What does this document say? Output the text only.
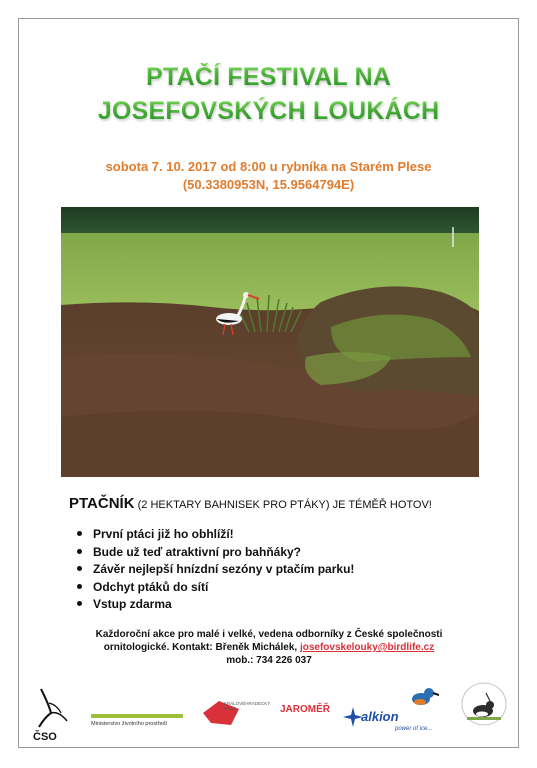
PTAČÍ FESTIVAL NA
JOSEFOVSKÝCH LOUKÁCH
sobota 7. 10. 2017 od 8:00 u rybníka na Starém Plese
(50.3380953N, 15.9564794E)
PTAČNÍK (2 HEKTARY BAHNISEK PRO PTÁKY) JE TÉMĚŘ HOTOV!
První ptáci již ho obhlíží!
Bude už teď atraktivní pro bahňáky?
Závěr nejlepší hnízdní sezóny v ptačím parku!
Odchyt ptáků do sítí
Vstup zdarma
Každoroční akce pro malé i velké, vedena odborníky z České společnosti
ornitologické. Kontakt: Břeněk Michálek, josefovskelouky@birdlife.cz
mob.: 734 226 037
ČSO
Ministerstvo životního prostředí
KRÁLOVÉHRADECKÝ KRAJ	JAROMĚŘ alkion
power of ice...
